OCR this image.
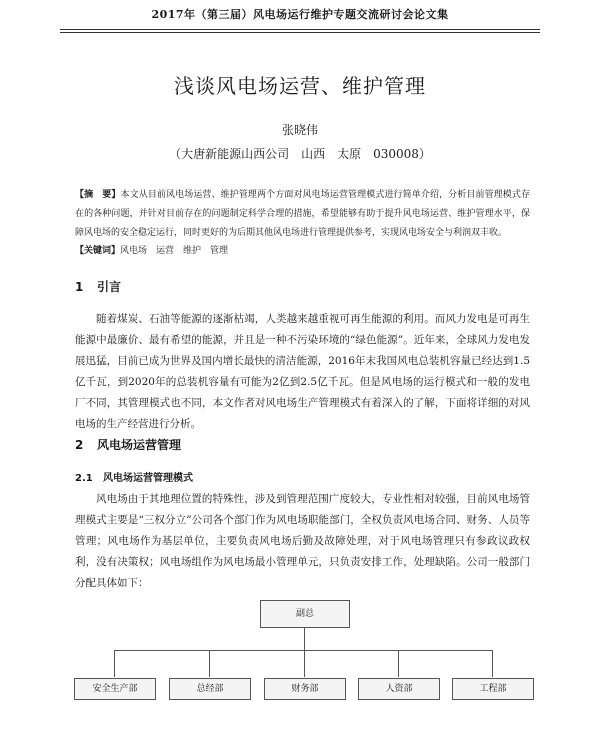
2017年（第三届）风电场运行维护专题交流研讨会论文集
浅谈风电场运营、维护管理
张晓伟
（大唐新能源山西公司　山西　太原　030008）
【摘　要】本文从目前风电场运营、维护管理两个方面对风电场运营管理模式进行简单介绍，分析目前管理模式存在的各种问题，并针对目前存在的问题制定科学合理的措施，希望能够有助于提升风电场运营、维护管理水平，保障风电场的安全稳定运行，同时更好的为后期其他风电场进行管理提供参考，实现风电场安全与利润双丰收。
【关键词】风电场　运营　维护　管理
1 引言
随着煤炭、石油等能源的逐渐枯竭，人类越来越重视可再生能源的利用。而风力发电是可再生能源中最廉价、最有希望的能源，并且是一种不污染环境的“绿色能源”。近年来，全球风力发电发展迅猛，目前已成为世界及国内增长最快的清洁能源，2016年末我国风电总装机容量已经达到1.5亿千瓦，到2020年的总装机容量有可能为2亿到2.5亿千瓦。但是风电场的运行模式和一般的发电厂不同，其管理模式也不同，本文作者对风电场生产管理模式有着深入的了解，下面将详细的对风电场的生产经营进行分析。
2 风电场运营管理
2.1 风电场运营管理模式
风电场由于其地理位置的特殊性，涉及到管理范围广度较大，专业性相对较强，目前风电场管理模式主要是“三权分立”公司各个部门作为风电场职能部门，全权负责风电场合同、财务、人员等管理；风电场作为基层单位，主要负责风电场后勤及故障处理，对于风电场管理只有参政议政权利，没有决策权；风电场组作为风电场最小管理单元，只负责安排工作，处理缺陷。公司一般部门分配具体如下：
副总
安全生产部	总经部	财务部	人资部	工程部
